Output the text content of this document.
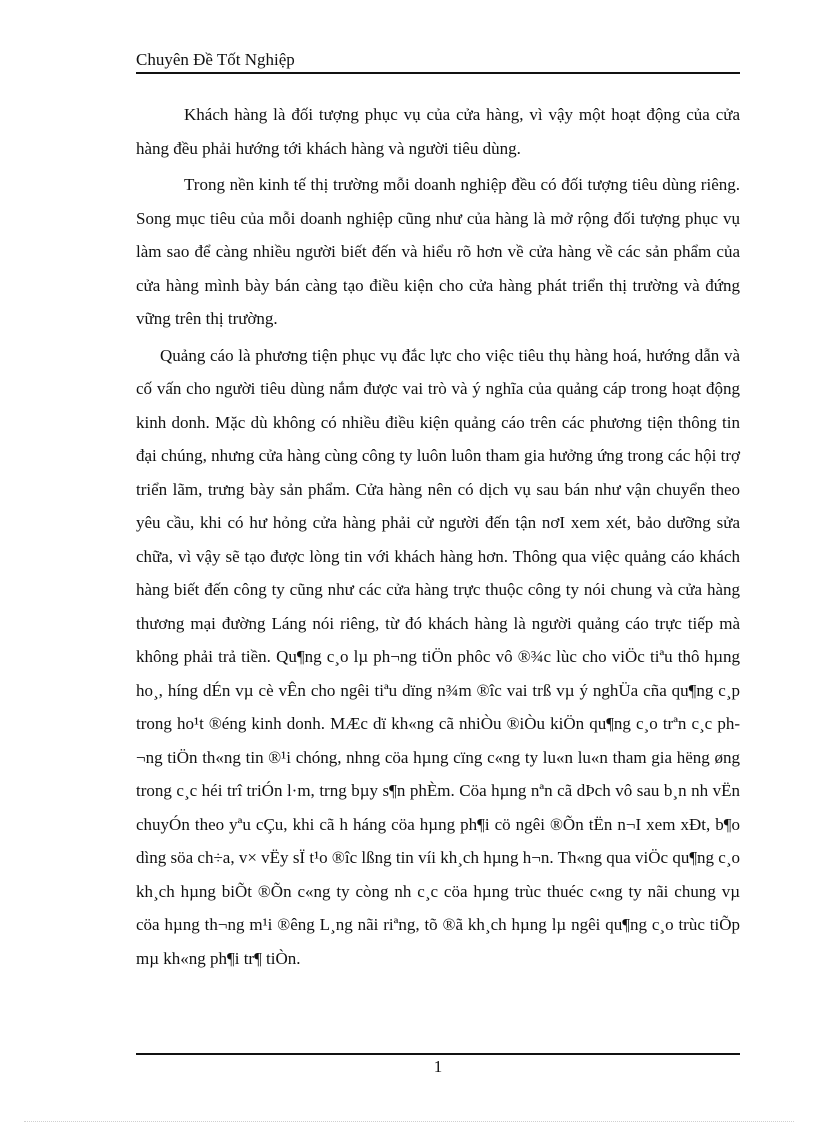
Chuyên Đề Tốt Nghiệp

Khách hàng là đối tượng phục vụ của cửa hàng, vì vậy một hoạt động của cửa hàng đều phải hướng tới khách hàng và người tiêu dùng.

Trong nền kinh tế thị trường mỗi doanh nghiệp đều có đối tượng tiêu dùng riêng. Song mục tiêu của mỗi doanh nghiệp cũng như của hàng là mở rộng đối tượng phục vụ làm sao để càng nhiều người biết đến và hiểu rõ hơn về cửa hàng về các sản phẩm của cửa hàng mình bày bán càng tạo điều kiện cho cửa hàng phát triển thị trường và đứng vững trên thị trường.

Quảng cáo là phương tiện phục vụ đắc lực cho việc tiêu thụ hàng hoá, hướng dẫn và cố vấn cho người tiêu dùng nắm được vai trò và ý nghĩa của quảng cáp trong hoạt động kinh donh. Mặc dù không có nhiều điều kiện quảng cáo trên các phương tiện thông tin đại chúng, nhưng cửa hàng cùng công ty luôn luôn tham gia hưởng ứng trong các hội trợ triển lãm, trưng bày sản phẩm. Cửa hàng nên có dịch vụ sau bán như vận chuyển theo yêu cầu, khi có hư hỏng cửa hàng phải cử người đến tận nơI xem xét, bảo dưỡng sửa chữa, vì vậy sẽ tạo được lòng tin với khách hàng hơn. Thông qua việc quảng cáo khách hàng biết đến công ty cũng như các cửa hàng trực thuộc công ty nói chung và cửa hàng thương mại đường Láng nói riêng, từ đó khách hàng là người quảng cáo trực tiếp mà không phải trả tiền. Qu¶ng c¸o lµ ph¬ng tiÖn phôc vô ®¾c lùc cho viÖc tiªu thô hµng ho¸, híng dÉn vµ cè vÊn cho ngêi tiªu dïng n¾m ®îc vai trß vµ ý nghÜa cña qu¶ng c¸p trong ho¹t ®éng kinh donh. MÆc dï kh«ng cã nhiÒu ®iÒu kiÖn qu¶ng c¸o trªn c¸c ph¬ng tiÖn th«ng tin ®¹i chóng, nhng cöa hµng cïng c«ng ty lu«n lu«n tham gia hëng øng trong c¸c héi trî triÓn l·m, trng bµy s¶n phÈm. Cöa hµng nªn cã dÞch vô sau b¸n nh vËn chuyÓn theo yªu cÇu, khi cã h háng cöa hµng ph¶i cö ngêi ®Õn tËn n¬I xem xÐt, b¶o dìng söa ch÷a, v× vËy sÏ t¹o ®îc lßng tin víi kh¸ch hµng h¬n. Th«ng qua viÖc qu¶ng c¸o kh¸ch hµng biÕt ®Õn c«ng ty còng nh c¸c cöa hµng trùc thuéc c«ng ty nãi chung vµ cöa hµng th¬ng m¹i ®êng L¸ng nãi riªng, tõ ®ã kh¸ch hµng lµ ngêi qu¶ng c¸o trùc tiÕp mµ kh«ng ph¶i tr¶ tiÒn.

1
